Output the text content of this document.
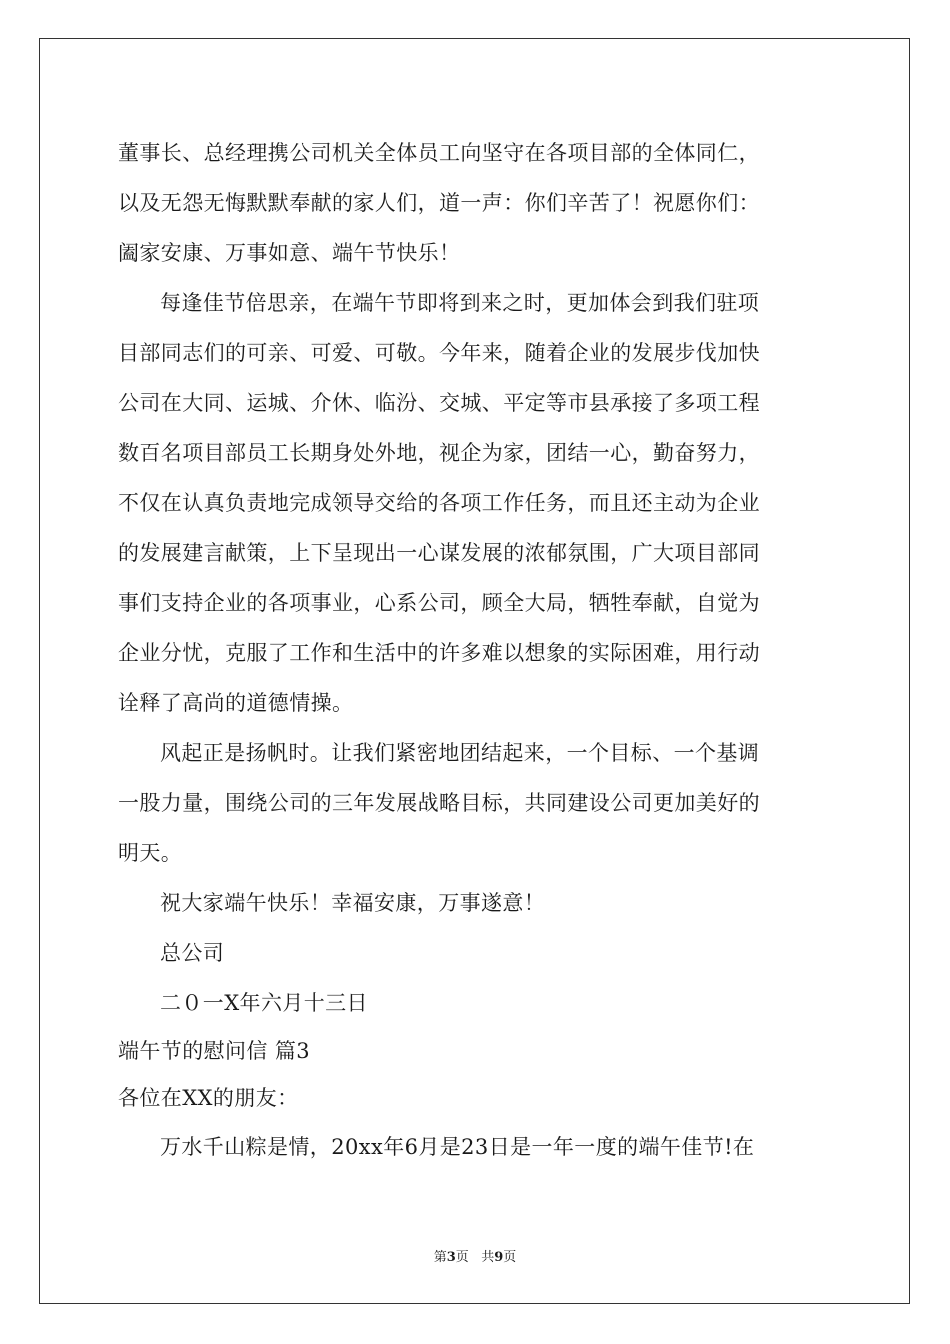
董事长、总经理携公司机关全体员工向坚守在各项目部的全体同仁，
以及无怨无悔默默奉献的家人们，道一声：你们辛苦了！祝愿你们：
阖家安康、万事如意、端午节快乐！
每逢佳节倍思亲，在端午节即将到来之时，更加体会到我们驻项
目部同志们的可亲、可爱、可敬。今年来，随着企业的发展步伐加快
公司在大同、运城、介休、临汾、交城、平定等市县承接了多项工程
数百名项目部员工长期身处外地，视企为家，团结一心，勤奋努力，
不仅在认真负责地完成领导交给的各项工作任务，而且还主动为企业
的发展建言献策，上下呈现出一心谋发展的浓郁氛围，广大项目部同
事们支持企业的各项事业，心系公司，顾全大局，牺牲奉献，自觉为
企业分忧，克服了工作和生活中的许多难以想象的实际困难，用行动
诠释了高尚的道德情操。
风起正是扬帆时。让我们紧密地团结起来，一个目标、一个基调
一股力量，围绕公司的三年发展战略目标，共同建设公司更加美好的
明天。
祝大家端午快乐！幸福安康，万事遂意！
总公司
二０一X年六月十三日
端午节的慰问信 篇3
各位在XX的朋友：
万水千山粽是情，20xx年6月是23日是一年一度的端午佳节!在
第3页 共9页
